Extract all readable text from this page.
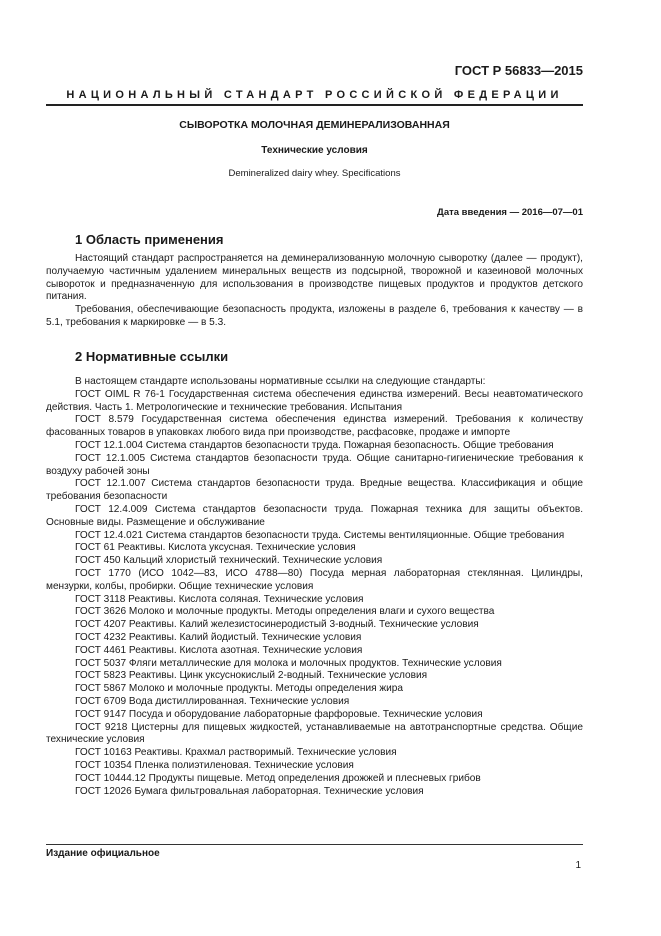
ГОСТ Р 56833—2015
НАЦИОНАЛЬНЫЙ СТАНДАРТ РОССИЙСКОЙ ФЕДЕРАЦИИ
СЫВОРОТКА МОЛОЧНАЯ ДЕМИНЕРАЛИЗОВАННАЯ
Технические условия
Demineralized dairy whey. Specifications
Дата введения — 2016—07—01
1 Область применения

Настоящий стандарт распространяется на деминерализованную молочную сыворотку (далее — продукт), получаемую частичным удалением минеральных веществ из подсырной, творожной и казеиновой молочных сывороток и предназначенную для использования в производстве пищевых продуктов и продуктов детского питания.

Требования, обеспечивающие безопасность продукта, изложены в разделе 6, требования к качеству — в 5.1, требования к маркировке — в 5.3.

2 Нормативные ссылки

В настоящем стандарте использованы нормативные ссылки на следующие стандарты:

ГОСТ OIML R 76-1 Государственная система обеспечения единства измерений. Весы неавтоматического действия. Часть 1. Метрологические и технические требования. Испытания

ГОСТ 8.579 Государственная система обеспечения единства измерений. Требования к количеству фасованных товаров в упаковках любого вида при производстве, расфасовке, продаже и импорте

ГОСТ 12.1.004 Система стандартов безопасности труда. Пожарная безопасность. Общие требования

ГОСТ 12.1.005 Система стандартов безопасности труда. Общие санитарно-гигиенические требования к воздуху рабочей зоны

ГОСТ 12.1.007 Система стандартов безопасности труда. Вредные вещества. Классификация и общие требования безопасности

ГОСТ 12.4.009 Система стандартов безопасности труда. Пожарная техника для защиты объектов. Основные виды. Размещение и обслуживание

ГОСТ 12.4.021 Система стандартов безопасности труда. Системы вентиляционные. Общие требования

ГОСТ 61 Реактивы. Кислота уксусная. Технические условия

ГОСТ 450 Кальций хлористый технический. Технические условия

ГОСТ 1770 (ИСО 1042—83, ИСО 4788—80) Посуда мерная лабораторная стеклянная. Цилиндры, мензурки, колбы, пробирки. Общие технические условия

ГОСТ 3118 Реактивы. Кислота соляная. Технические условия

ГОСТ 3626 Молоко и молочные продукты. Методы определения влаги и сухого вещества

ГОСТ 4207 Реактивы. Калий железистосинеродистый 3-водный. Технические условия

ГОСТ 4232 Реактивы. Калий йодистый. Технические условия

ГОСТ 4461 Реактивы. Кислота азотная. Технические условия

ГОСТ 5037 Фляги металлические для молока и молочных продуктов. Технические условия

ГОСТ 5823 Реактивы. Цинк уксуснокислый 2-водный. Технические условия

ГОСТ 5867 Молоко и молочные продукты. Методы определения жира

ГОСТ 6709 Вода дистиллированная. Технические условия

ГОСТ 9147 Посуда и оборудование лабораторные фарфоровые. Технические условия

ГОСТ 9218 Цистерны для пищевых жидкостей, устанавливаемые на автотранспортные средства. Общие технические условия

ГОСТ 10163 Реактивы. Крахмал растворимый. Технические условия

ГОСТ 10354 Пленка полиэтиленовая. Технические условия

ГОСТ 10444.12 Продукты пищевые. Метод определения дрожжей и плесневых грибов

ГОСТ 12026 Бумага фильтровальная лабораторная. Технические условия

Издание официальное
1
